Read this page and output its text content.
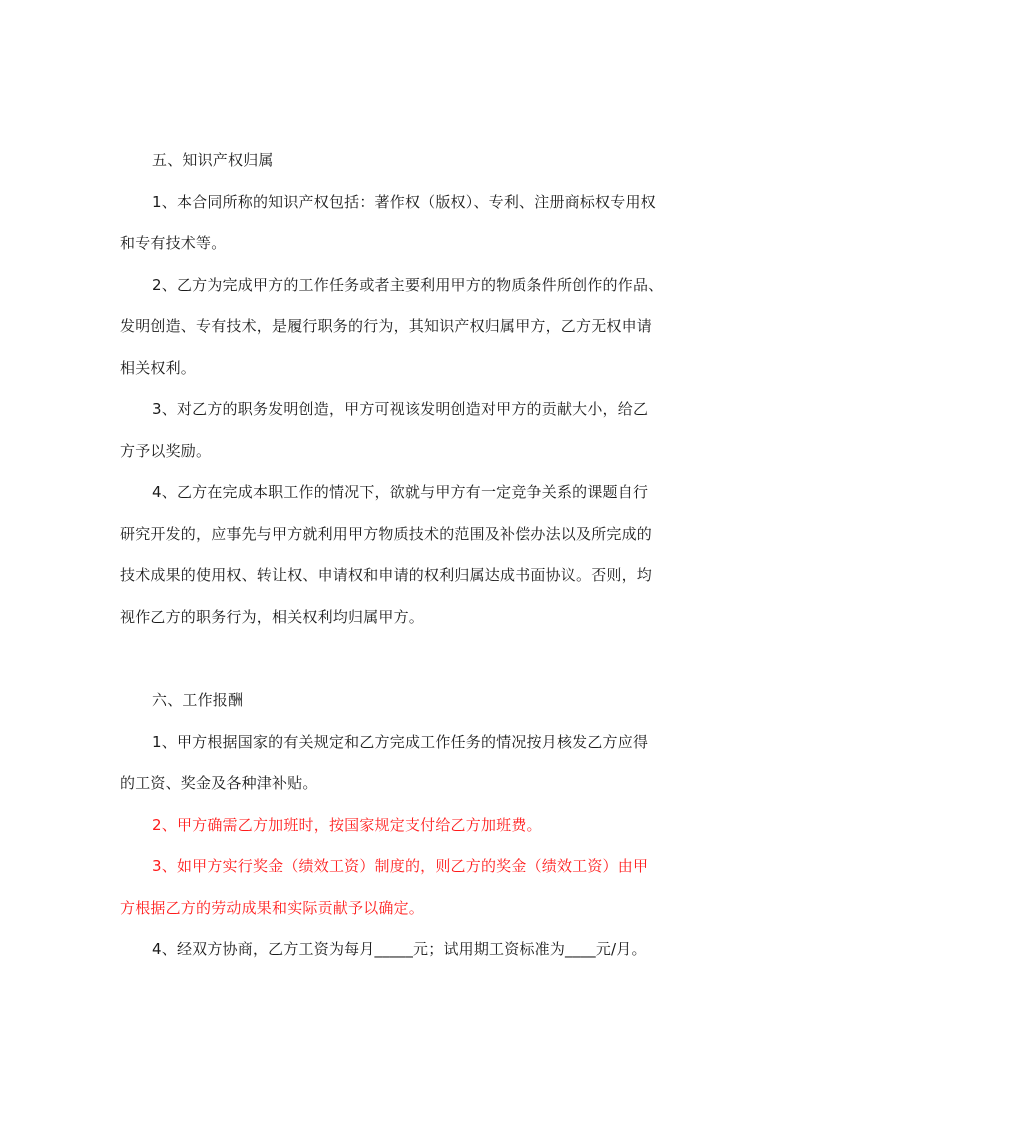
五、知识产权归属

1、本合同所称的知识产权包括：著作权（版权）、专利、注册商标权专用权

和专有技术等。

2、乙方为完成甲方的工作任务或者主要利用甲方的物质条件所创作的作品、

发明创造、专有技术，是履行职务的行为，其知识产权归属甲方，乙方无权申请

相关权利。

3、对乙方的职务发明创造，甲方可视该发明创造对甲方的贡献大小，给乙

方予以奖励。

4、乙方在完成本职工作的情况下，欲就与甲方有一定竞争关系的课题自行

研究开发的，应事先与甲方就利用甲方物质技术的范围及补偿办法以及所完成的

技术成果的使用权、转让权、申请权和申请的权利归属达成书面协议。否则，均

视作乙方的职务行为，相关权利均归属甲方。

六、工作报酬

1、甲方根据国家的有关规定和乙方完成工作任务的情况按月核发乙方应得

的工资、奖金及各种津补贴。

2、甲方确需乙方加班时，按国家规定支付给乙方加班费。

3、如甲方实行奖金（绩效工资）制度的，则乙方的奖金（绩效工资）由甲

方根据乙方的劳动成果和实际贡献予以确定。

4、经双方协商，乙方工资为每月_____元；试用期工资标准为____元/月。
